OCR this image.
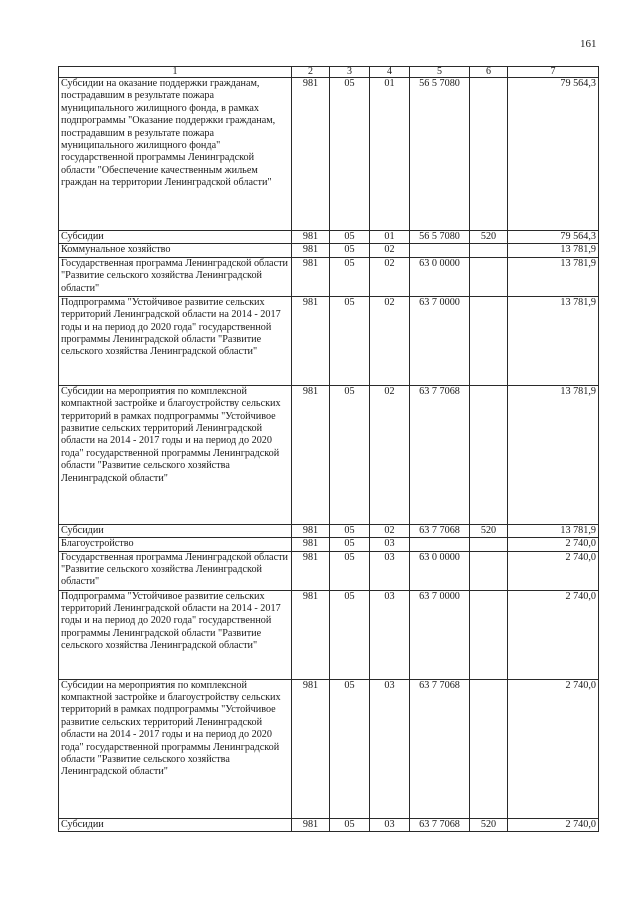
161
1	2	3	4	5	6	7
Субсидии на оказание поддержки гражданам, пострадавшим в результате пожара муниципального жилищного фонда, в рамках подпрограммы "Оказание поддержки гражданам, пострадавшим в результате пожара муниципального жилищного фонда" государственной программы Ленинградской области "Обеспечение качественным жильем граждан на территории Ленинградской области"	981	05	01	56 5 7080		79 564,3
Субсидии	981	05	01	56 5 7080	520	79 564,3
Коммунальное хозяйство	981	05	02			13 781,9
Государственная программа Ленинградской области "Развитие сельского хозяйства Ленинградской области"	981	05	02	63 0 0000		13 781,9
Подпрограмма "Устойчивое развитие сельских территорий Ленинградской области на 2014 - 2017 годы и на период до 2020 года" государственной программы Ленинградской области "Развитие сельского хозяйства Ленинградской области"	981	05	02	63 7 0000		13 781,9
Субсидии на мероприятия по комплексной компактной застройке и благоустройству сельских территорий в рамках подпрограммы "Устойчивое развитие сельских территорий Ленинградской области на 2014 - 2017 годы и на период до 2020 года" государственной программы Ленинградской области "Развитие сельского хозяйства Ленинградской области"	981	05	02	63 7 7068		13 781,9
Субсидии	981	05	02	63 7 7068	520	13 781,9
Благоустройство	981	05	03			2 740,0
Государственная программа Ленинградской области "Развитие сельского хозяйства Ленинградской области"	981	05	03	63 0 0000		2 740,0
Подпрограмма "Устойчивое развитие сельских территорий Ленинградской области на 2014 - 2017 годы и на период до 2020 года" государственной программы Ленинградской области "Развитие сельского хозяйства Ленинградской области"	981	05	03	63 7 0000		2 740,0
Субсидии на мероприятия по комплексной компактной застройке и благоустройству сельских территорий в рамках подпрограммы "Устойчивое развитие сельских территорий Ленинградской области на 2014 - 2017 годы и на период до 2020 года" государственной программы Ленинградской области "Развитие сельского хозяйства Ленинградской области"	981	05	03	63 7 7068		2 740,0
Субсидии	981	05	03	63 7 7068	520	2 740,0
